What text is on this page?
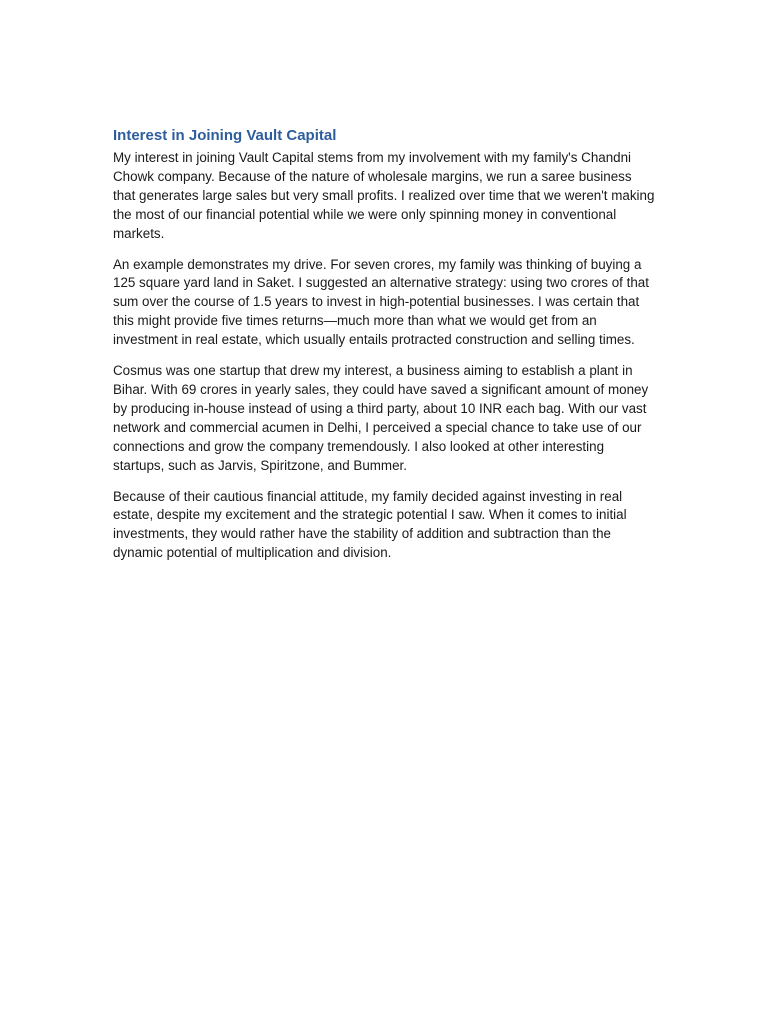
Interest in Joining Vault Capital

My interest in joining Vault Capital stems from my involvement with my family's Chandni Chowk company. Because of the nature of wholesale margins, we run a saree business that generates large sales but very small profits. I realized over time that we weren't making the most of our financial potential while we were only spinning money in conventional markets.

An example demonstrates my drive. For seven crores, my family was thinking of buying a 125 square yard land in Saket. I suggested an alternative strategy: using two crores of that sum over the course of 1.5 years to invest in high-potential businesses. I was certain that this might provide five times returns—much more than what we would get from an investment in real estate, which usually entails protracted construction and selling times.

Cosmus was one startup that drew my interest, a business aiming to establish a plant in Bihar. With 69 crores in yearly sales, they could have saved a significant amount of money by producing in-house instead of using a third party, about 10 INR each bag. With our vast network and commercial acumen in Delhi, I perceived a special chance to take use of our connections and grow the company tremendously. I also looked at other interesting startups, such as Jarvis, Spiritzone, and Bummer.

Because of their cautious financial attitude, my family decided against investing in real estate, despite my excitement and the strategic potential I saw. When it comes to initial investments, they would rather have the stability of addition and subtraction than the dynamic potential of multiplication and division.
